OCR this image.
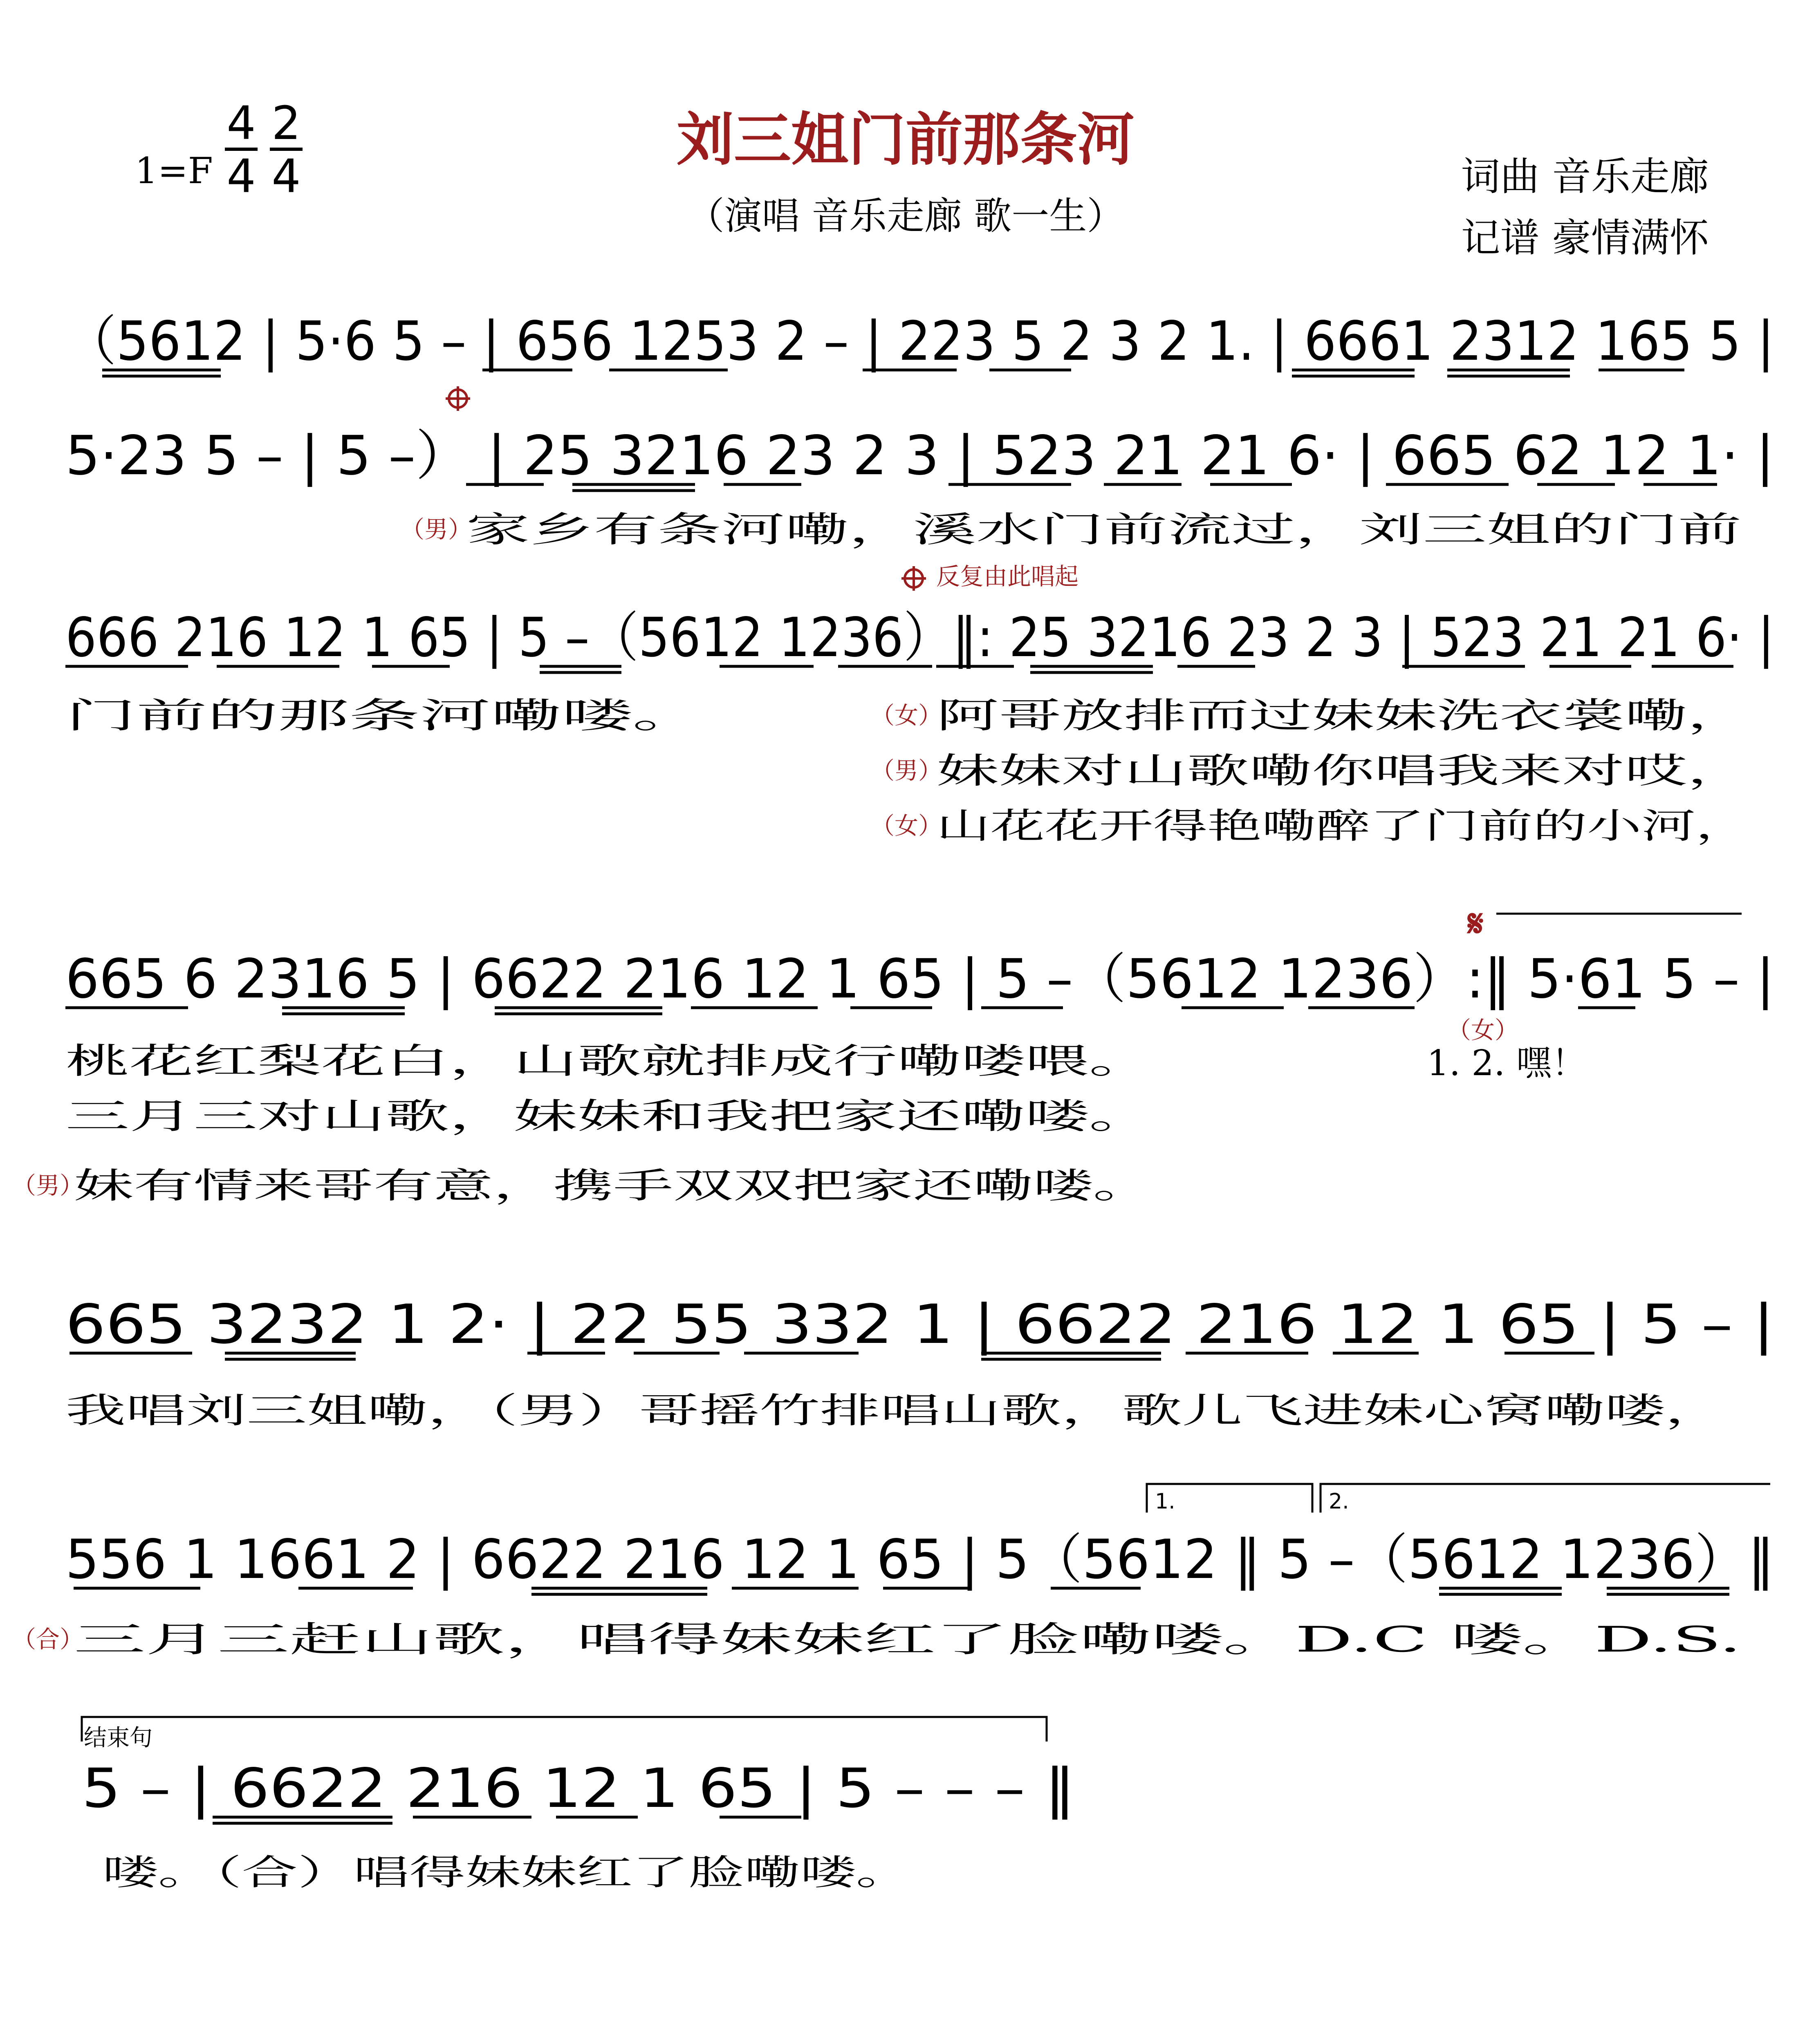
1=F
4
4
2
4
刘三姐门前那条河
（演唱 音乐走廊 歌一生）
词曲 音乐走廊
记谱 豪情满怀
（5612 | 5·6 5 – | 656 1253 2 – | 223 5 2 3 2 1. | 6661 2312 165 5 |
5·23 5 – | 5 –） | 25 3216 23 2 3 | 523 21 21 6· | 665 62 12 1· |
（男）
家乡有条河嘞，溪水门前流过，刘三姐的门前
反复由此唱起
666 216 12 1 65 | 5 –（5612 1236）‖: 25 3216 23 2 3 | 523 21 21 6· |
门前的那条河嘞喽。	（女）
阿哥放排而过妹妹洗衣裳嘞，
（男）
妹妹对山歌嘞你唱我来对哎，
（女）
山花花开得艳嘞醉了门前的小河，
𝄋
665 6 2316 5 | 6622 216 12 1 65 | 5 –（5612 1236）:‖ 5·61 5 – |
桃花红梨花白，山歌就排成行嘞喽喂。
三月三对山歌，妹妹和我把家还嘞喽。
（男）
妹有情来哥有意，携手双双把家还嘞喽。
（女）
1. 2. 嘿！
665 3232 1 2· | 22 55 332 1 | 6622 216 12 1 65 | 5 – |
我唱刘三姐嘞，（男）哥摇竹排唱山歌，歌儿飞进妹心窝嘞喽，
1.	2.
556 1 1661 2 | 6622 216 12 1 65 | 5（5612 ‖ 5 –（5612 1236）‖
（合）
三月三赶山歌，唱得妹妹红了脸嘞喽。D.C 喽。D.S.
结束句
5 – | 6622 216 12 1 65 | 5 – – – ‖
喽。（合）唱得妹妹红了脸嘞喽。
